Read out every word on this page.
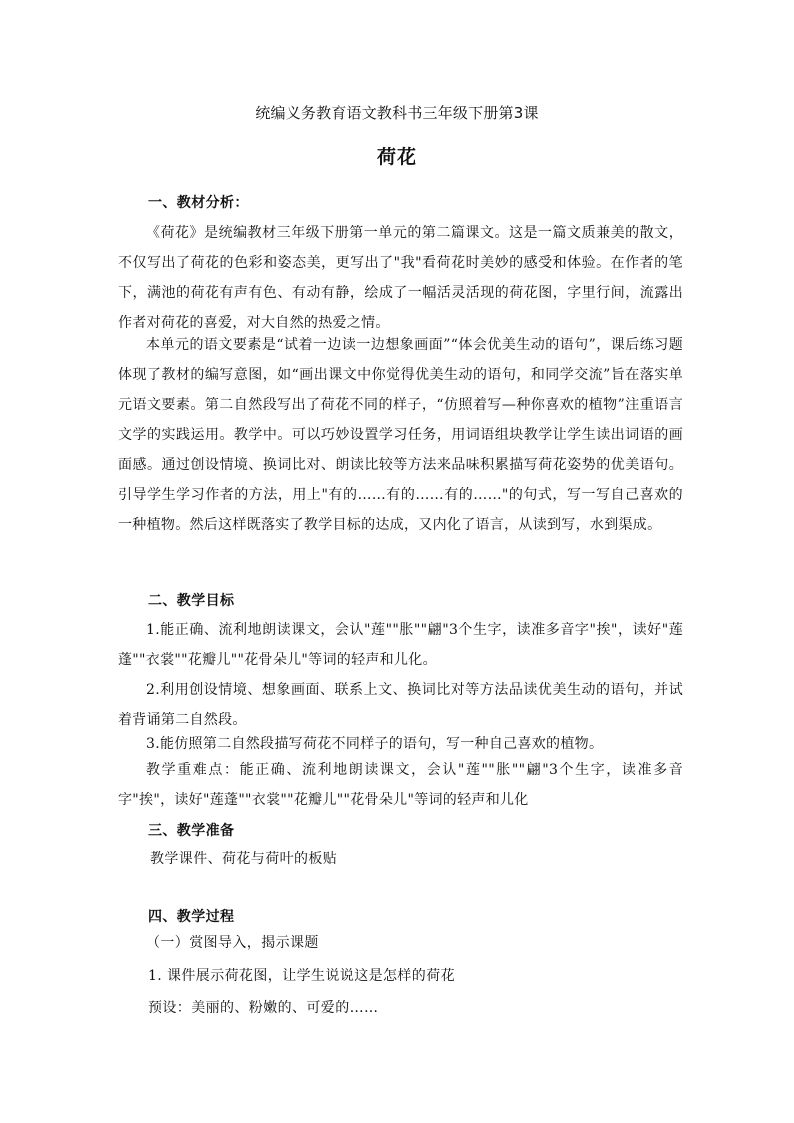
统编义务教育语文教科书三年级下册第3课
荷花
一、教材分析：
《荷花》是统编教材三年级下册第一单元的第二篇课文。这是一篇文质兼美的散文，不仅写出了荷花的色彩和姿态美，更写出了"我"看荷花时美妙的感受和体验。在作者的笔下，满池的荷花有声有色、有动有静，绘成了一幅活灵活现的荷花图，字里行间，流露出作者对荷花的喜爱，对大自然的热爱之情。
本单元的语文要素是“试着一边读一边想象画面”“体会优美生动的语句”，课后练习题体现了教材的编写意图，如“画出课文中你觉得优美生动的语句，和同学交流”旨在落实单元语文要素。第二自然段写出了荷花不同的样子，“仿照着写—种你喜欢的植物”注重语言文学的实践运用。教学中。可以巧妙设置学习任务，用词语组块教学让学生读出词语的画面感。通过创设情境、换词比对、朗读比较等方法来品味积累描写荷花姿势的优美语句。引导学生学习作者的方法，用上"有的……有的……有的……"的句式，写一写自己喜欢的一种植物。然后这样既落实了教学目标的达成，又内化了语言，从读到写，水到渠成。
二、教学目标
1.能正确、流利地朗读课文，会认"莲""胀""翩"3个生字，读准多音字"挨"，读好"莲蓬""衣裳""花瓣儿""花骨朵儿"等词的轻声和儿化。
2.利用创设情境、想象画面、联系上文、换词比对等方法品读优美生动的语句，并试着背诵第二自然段。
3.能仿照第二自然段描写荷花不同样子的语句，写一种自己喜欢的植物。
教学重难点：能正确、流利地朗读课文，会认"莲""胀""翩"3个生字，读准多音字"挨"，读好"莲蓬""衣裳""花瓣儿""花骨朵儿"等词的轻声和儿化
三、教学准备
教学课件、荷花与荷叶的板贴
四、教学过程
（一）赏图导入，揭示课题
1. 课件展示荷花图，让学生说说这是怎样的荷花
预设：美丽的、粉嫩的、可爱的……
